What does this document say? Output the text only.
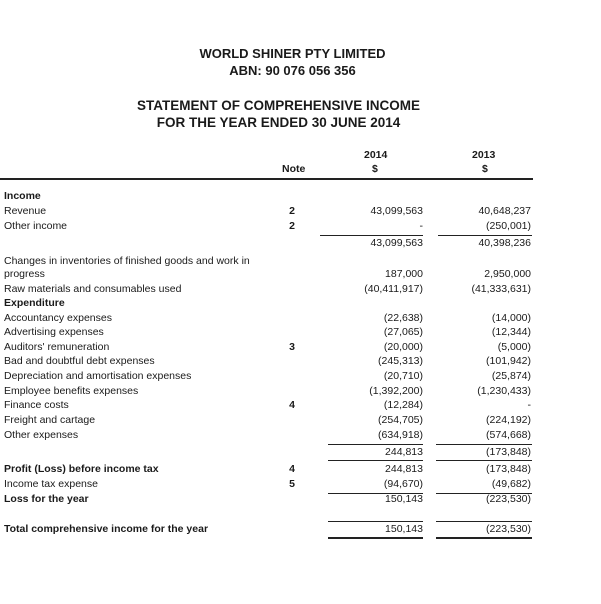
WORLD SHINER PTY LIMITED
ABN: 90 076 056 356
STATEMENT OF COMPREHENSIVE INCOME
FOR THE YEAR ENDED 30 JUNE 2014
Note
2014
$
2013
$
Income
Revenue	2	43,099,563	40,648,237
Other income	2	-	(250,001)
43,099,563	40,398,236
Changes in inventories of finished goods and work in
progress	187,000	2,950,000
Raw materials and consumables used	(40,411,917)	(41,333,631)
Expenditure
Accountancy expenses	(22,638)	(14,000)
Advertising expenses	(27,065)	(12,344)
Auditors' remuneration	3	(20,000)	(5,000)
Bad and doubtful debt expenses	(245,313)	(101,942)
Depreciation and amortisation expenses	(20,710)	(25,874)
Employee benefits expenses	(1,392,200)	(1,230,433)
Finance costs	4	(12,284)	-
Freight and cartage	(254,705)	(224,192)
Other expenses	(634,918)	(574,668)
244,813	(173,848)
Profit (Loss) before income tax	4	244,813	(173,848)
Income tax expense	5	(94,670)	(49,682)
Loss for the year	150,143	(223,530)
Total comprehensive income for the year	150,143	(223,530)
